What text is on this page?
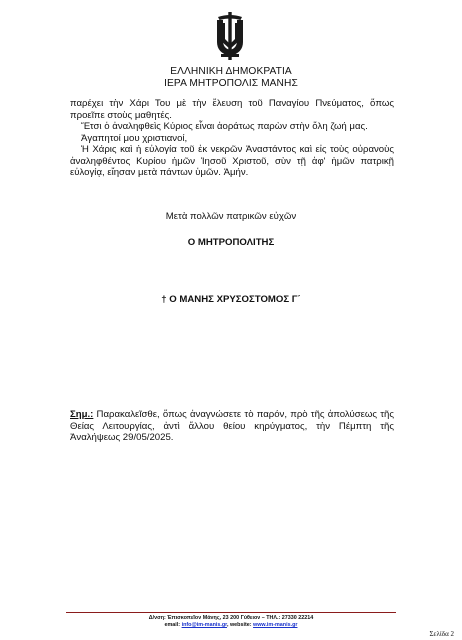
ΕΛΛΗΝΙΚΗ ΔΗΜΟΚΡΑΤΙΑ
ΙΕΡΑ ΜΗΤΡΟΠΟΛΙΣ ΜΑΝΗΣ

παρέχει τὴν Χάρι Του μὲ τὴν ἔλευση τοῦ Παναγίου Πνεύματος, ὅπως προεῖπε στοὺς μαθητές.

Ἔτσι ὁ ἀναληφθεὶς Κύριος εἶναι ἀοράτως παρὼν στὴν ὅλη ζωή μας.

Ἀγαπητοί μου χριστιανοί,

Ἡ Χάρις καὶ ἡ εὐλογία τοῦ ἐκ νεκρῶν Ἀναστάντος καὶ εἰς τοὺς οὐρανοὺς ἀναληφθέντος Κυρίου ἡμῶν Ἰησοῦ Χριστοῦ, σὺν τῇ ἀφ' ἡμῶν πατρικῇ εὐλογίᾳ, εἴησαν μετὰ πάντων ὑμῶν. Ἀμήν.

Μετὰ πολλῶν πατρικῶν εὐχῶν
Ο ΜΗΤΡΟΠΟΛΙΤΗΣ
† Ο ΜΑΝΗΣ ΧΡΥΣΟΣΤΟΜΟΣ Γ΄
Σημ.: Παρακαλεῖσθε, ὅπως ἀναγνώσετε τὸ παρόν, πρὸ τῆς ἀπολύσεως τῆς Θείας Λειτουργίας, ἀντὶ ἄλλου θείου κηρύγματος, τὴν Πέμπτη τῆς Ἀναλήψεως 29/05/2025.
Δ/νση: Ἐπισκοπεῖον Μάνης, 23 200 Γύθειον – ΤΗΛ.: 27330 22214
email: info@im-manis.gr, website: www.im-manis.gr
Σελίδα 2
